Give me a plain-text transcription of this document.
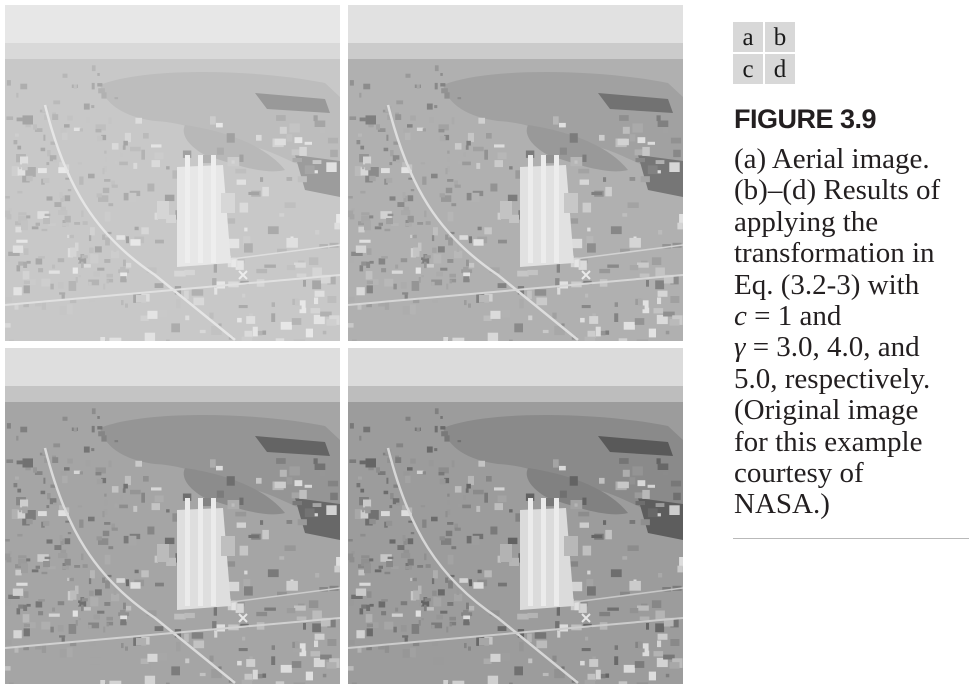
a b
c d
FIGURE 3.9
(a) Aerial image.
(b)–(d) Results of
applying the
transformation in
Eq. (3.2-3) with
c = 1 and
γ = 3.0, 4.0, and
5.0, respectively.
(Original image
for this example
courtesy of
NASA.)
